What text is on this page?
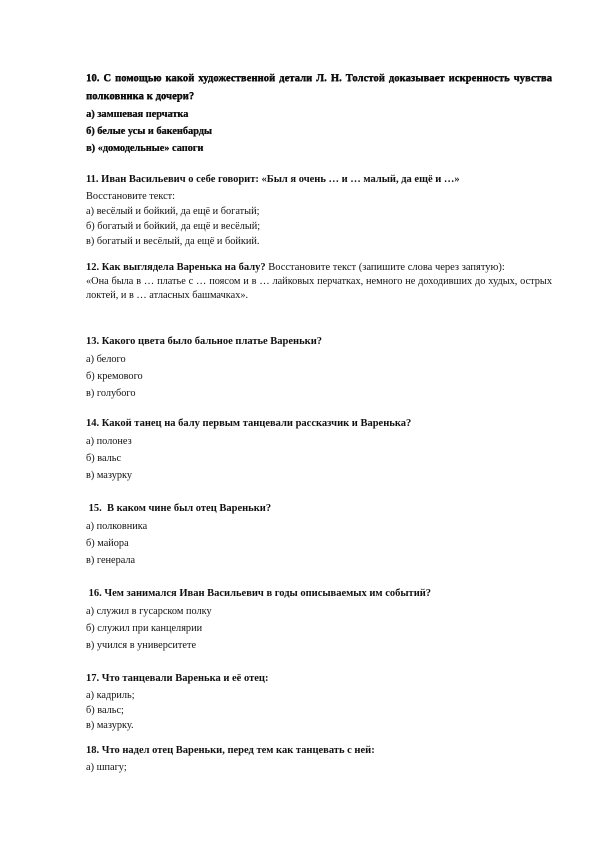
10. С помощью какой художественной детали Л. Н. Толстой доказывает искренность чувства полковника к дочери?

а) замшевая перчатка

б) белые усы и бакенбарды

в) «домодельные» сапоги

11. Иван Васильевич о себе говорит: «Был я очень … и … малый, да ещё и …»

Восстановите текст:

а) весёлый и бойкий, да ещё и богатый;

б) богатый и бойкий, да ещё и весёлый;

в) богатый и весёлый, да ещё и бойкий.

12. Как выглядела Варенька на балу? Восстановите текст (запишите слова через запятую):

«Она была в … платье с … поясом и в … лайковых перчатках, немного не доходивших до худых, острых локтей, и в … атласных башмачках».

13. Какого цвета было бальное платье Вареньки?

а) белого

б) кремового

в) голубого

14. Какой танец на балу первым танцевали рассказчик и Варенька?

а) полонез

б) вальс

в) мазурку

15.  В каком чине был отец Вареньки?

а) полковника

б) майора

в) генерала

16. Чем занимался Иван Васильевич в годы описываемых им событий?

а) служил в гусарском полку

б) служил при канцелярии

в) учился в университете

17. Что танцевали Варенька и её отец:

а) кадриль;

б) вальс;

в) мазурку.

18. Что надел отец Вареньки, перед тем как танцевать с ней:

а) шпагу;
